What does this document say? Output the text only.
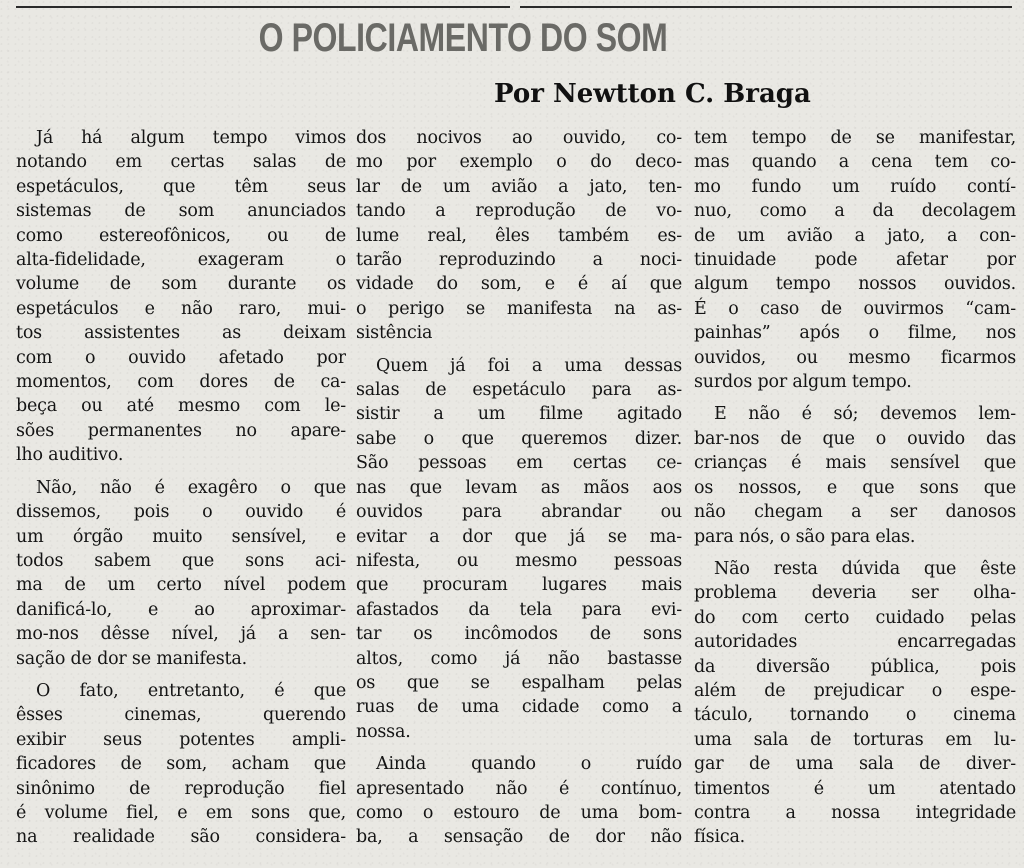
O POLICIAMENTO DO SOM
Por Newtton C. Braga
Já há algum tempo vimos
notando em certas salas de
espetáculos, que têm seus
sistemas de som anunciados
como estereofônicos, ou de
alta-fidelidade, exageram o
volume de som durante os
espetáculos e não raro, mui-
tos assistentes as deixam
com o ouvido afetado por
momentos, com dores de ca-
beça ou até mesmo com le-
sões permanentes no apare-
lho auditivo.
Não, não é exagêro o que
dissemos, pois o ouvido é
um órgão muito sensível, e
todos sabem que sons aci-
ma de um certo nível podem
danificá-lo, e ao aproximar-
mo-nos dêsse nível, já a sen-
sação de dor se manifesta.
O fato, entretanto, é que
êsses cinemas, querendo
exibir seus potentes ampli-
ficadores de som, acham que
sinônimo de reprodução fiel
é volume fiel, e em sons que,
na realidade são considera-
dos nocivos ao ouvido, co-
mo por exemplo o do deco-
lar de um avião a jato, ten-
tando a reprodução de vo-
lume real, êles também es-
tarão reproduzindo a noci-
vidade do som, e é aí que
o perigo se manifesta na as-
sistência
Quem já foi a uma dessas
salas de espetáculo para as-
sistir a um filme agitado
sabe o que queremos dizer.
São pessoas em certas ce-
nas que levam as mãos aos
ouvidos para abrandar ou
evitar a dor que já se ma-
nifesta, ou mesmo pessoas
que procuram lugares mais
afastados da tela para evi-
tar os incômodos de sons
altos, como já não bastasse
os que se espalham pelas
ruas de uma cidade como a
nossa.
Ainda quando o ruído
apresentado não é contínuo,
como o estouro de uma bom-
ba, a sensação de dor não
tem tempo de se manifestar,
mas quando a cena tem co-
mo fundo um ruído contí-
nuo, como a da decolagem
de um avião a jato, a con-
tinuidade pode afetar por
algum tempo nossos ouvidos.
É o caso de ouvirmos “cam-
painhas” após o filme, nos
ouvidos, ou mesmo ficarmos
surdos por algum tempo.
E não é só; devemos lem-
bar-nos de que o ouvido das
crianças é mais sensível que
os nossos, e que sons que
não chegam a ser danosos
para nós, o são para elas.
Não resta dúvida que êste
problema deveria ser olha-
do com certo cuidado pelas
autoridades encarregadas
da diversão pública, pois
além de prejudicar o espe-
táculo, tornando o cinema
uma sala de torturas em lu-
gar de uma sala de diver-
timentos é um atentado
contra a nossa integridade
física.
